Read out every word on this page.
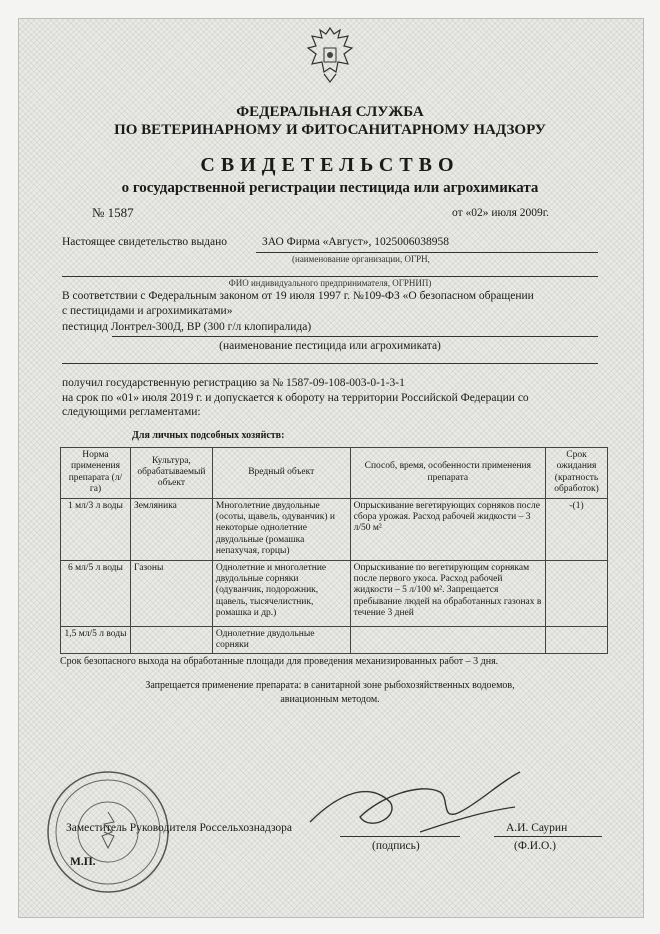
ФЕДЕРАЛЬНАЯ СЛУЖБА
ПО ВЕТЕРИНАРНОМУ И ФИТОСАНИТАРНОМУ НАДЗОРУ
СВИДЕТЕЛЬСТВО
о государственной регистрации пестицида или агрохимиката
№ 1587	от «02» июля 2009г.
Настоящее свидетельство выдано	ЗАО Фирма «Август», 1025006038958
(наименование организации, ОГРН,
ФИО индивидуального предпринимателя, ОГРНИП)
В соответствии с Федеральным законом от 19 июля 1997 г. №109-ФЗ «О безопасном обращении
с пестицидами и агрохимикатами»
пестицид Лонтрел-300Д, ВР (300 г/л клопиралида)
(наименование пестицида или агрохимиката)
получил государственную регистрацию за № 1587-09-108-003-0-1-3-1
на срок по «01» июля 2019 г. и допускается к обороту на территории Российской Федерации со
следующими регламентами:
Для личных подсобных хозяйств:
Норма применения препарата (л/га)	Культура, обрабатываемый объект	Вредный объект	Способ, время, особенности применения препарата	Срок ожидания (кратность обработок)
1 мл/3 л воды	Земляника	Многолетние двудольные (осоты, щавель, одуванчик) и некоторые однолетние двудольные (ромашка непахучая, горцы)	Опрыскивание вегетирующих сорняков после сбора урожая. Расход рабочей жидкости – 3 л/50 м²	-(1)
6 мл/5 л воды	Газоны	Однолетние и многолетние двудольные сорняки (одуванчик, подорожник, щавель, тысячелистник, ромашка и др.)	Опрыскивание по вегетирующим сорнякам после первого укоса. Расход рабочей жидкости – 5 л/100 м². Запрещается пребывание людей на обработанных газонах в течение 3 дней	
1,5 мл/5 л воды		Однолетние двудольные сорняки		
Срок безопасного выхода на обработанные площади для проведения механизированных работ – 3 дня.
Запрещается применение препарата: в санитарной зоне рыбохозяйственных водоемов,
авиационным методом.
Заместитель Руководителя Россельхознадзора	А.И. Саурин
(подпись)	(Ф.И.О.)
М.П.
